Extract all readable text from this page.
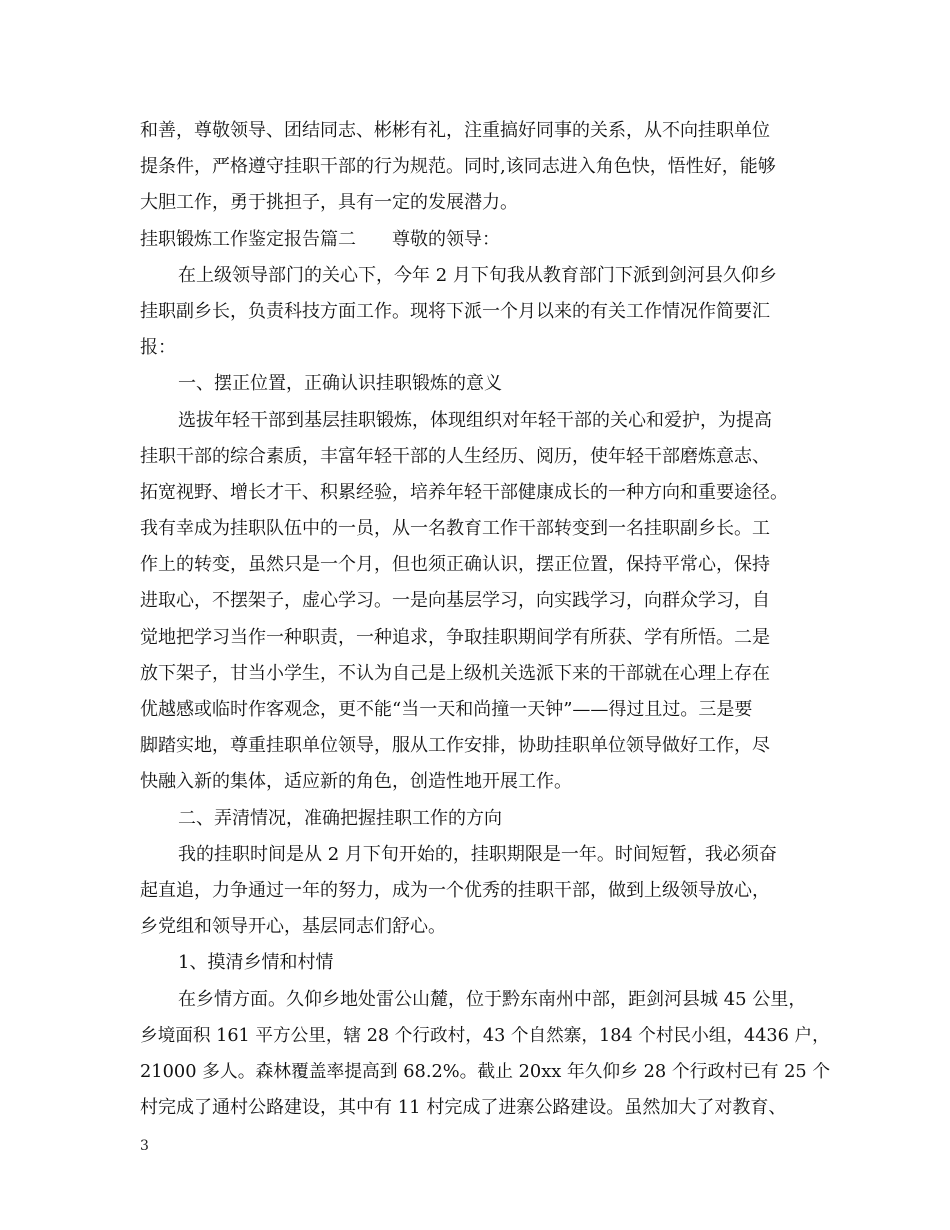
和善，尊敬领导、团结同志、彬彬有礼，注重搞好同事的关系，从不向挂职单位
提条件，严格遵守挂职干部的行为规范。同时,该同志进入角色快，悟性好，能够
大胆工作，勇于挑担子，具有一定的发展潜力。
挂职锻炼工作鉴定报告篇二　　尊敬的领导：
在上级领导部门的关心下，今年 2 月下旬我从教育部门下派到剑河县久仰乡
挂职副乡长，负责科技方面工作。现将下派一个月以来的有关工作情况作简要汇
报：
一、摆正位置，正确认识挂职锻炼的意义
选拔年轻干部到基层挂职锻炼，体现组织对年轻干部的关心和爱护，为提高
挂职干部的综合素质，丰富年轻干部的人生经历、阅历，使年轻干部磨炼意志、
拓宽视野、增长才干、积累经验，培养年轻干部健康成长的一种方向和重要途径。
我有幸成为挂职队伍中的一员，从一名教育工作干部转变到一名挂职副乡长。工
作上的转变，虽然只是一个月，但也须正确认识，摆正位置，保持平常心，保持
进取心，不摆架子，虚心学习。一是向基层学习，向实践学习，向群众学习，自
觉地把学习当作一种职责，一种追求，争取挂职期间学有所获、学有所悟。二是
放下架子，甘当小学生，不认为自己是上级机关选派下来的干部就在心理上存在
优越感或临时作客观念，更不能“当一天和尚撞一天钟”——得过且过。三是要
脚踏实地，尊重挂职单位领导，服从工作安排，协助挂职单位领导做好工作，尽
快融入新的集体，适应新的角色，创造性地开展工作。
二、弄清情况，准确把握挂职工作的方向
我的挂职时间是从 2 月下旬开始的，挂职期限是一年。时间短暂，我必须奋
起直追，力争通过一年的努力，成为一个优秀的挂职干部，做到上级领导放心，
乡党组和领导开心，基层同志们舒心。
1、摸清乡情和村情
在乡情方面。久仰乡地处雷公山麓，位于黔东南州中部，距剑河县城 45 公里，
乡境面积 161 平方公里，辖 28 个行政村，43 个自然寨，184 个村民小组，4436 户，
21000 多人。森林覆盖率提高到 68.2%。截止 20xx 年久仰乡 28 个行政村已有 25 个
村完成了通村公路建设，其中有 11 村完成了进寨公路建设。虽然加大了对教育、
3
